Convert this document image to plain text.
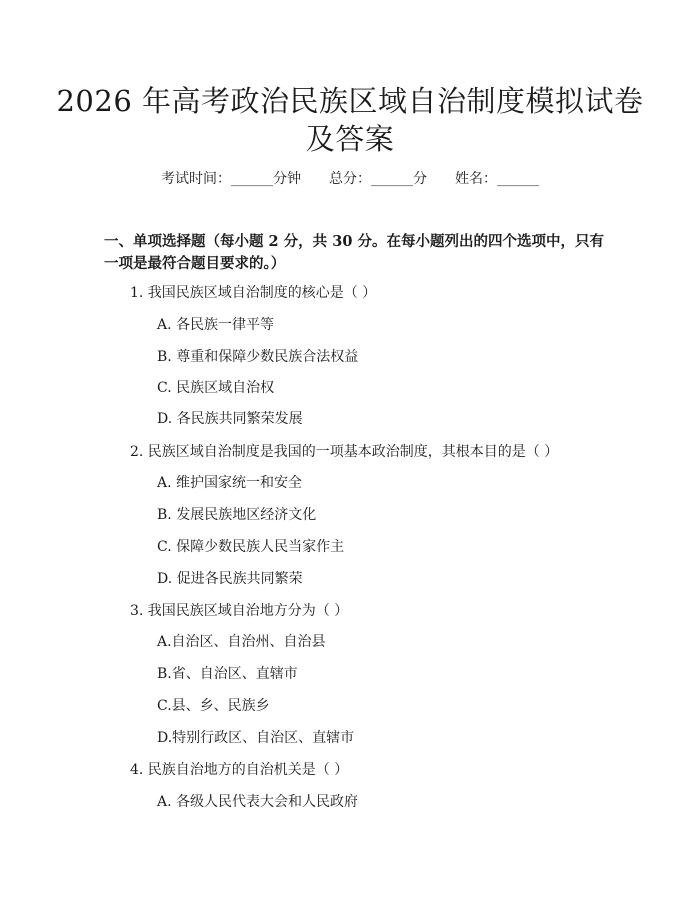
2026 年高考政治民族区域自治制度模拟试卷
及答案
考试时间：______分钟　　总分：______分　　姓名：______
一、单项选择题（每小题 2 分，共 30 分。在每小题列出的四个选项中，只有一项是最符合题目要求的。）
1. 我国民族区域自治制度的核心是（ ）
A. 各民族一律平等
B. 尊重和保障少数民族合法权益
C. 民族区域自治权
D. 各民族共同繁荣发展
2. 民族区域自治制度是我国的一项基本政治制度，其根本目的是（ ）
A. 维护国家统一和安全
B. 发展民族地区经济文化
C. 保障少数民族人民当家作主
D. 促进各民族共同繁荣
3. 我国民族区域自治地方分为（ ）
A.自治区、自治州、自治县
B.省、自治区、直辖市
C.县、乡、民族乡
D.特别行政区、自治区、直辖市
4. 民族自治地方的自治机关是（ ）
A. 各级人民代表大会和人民政府
